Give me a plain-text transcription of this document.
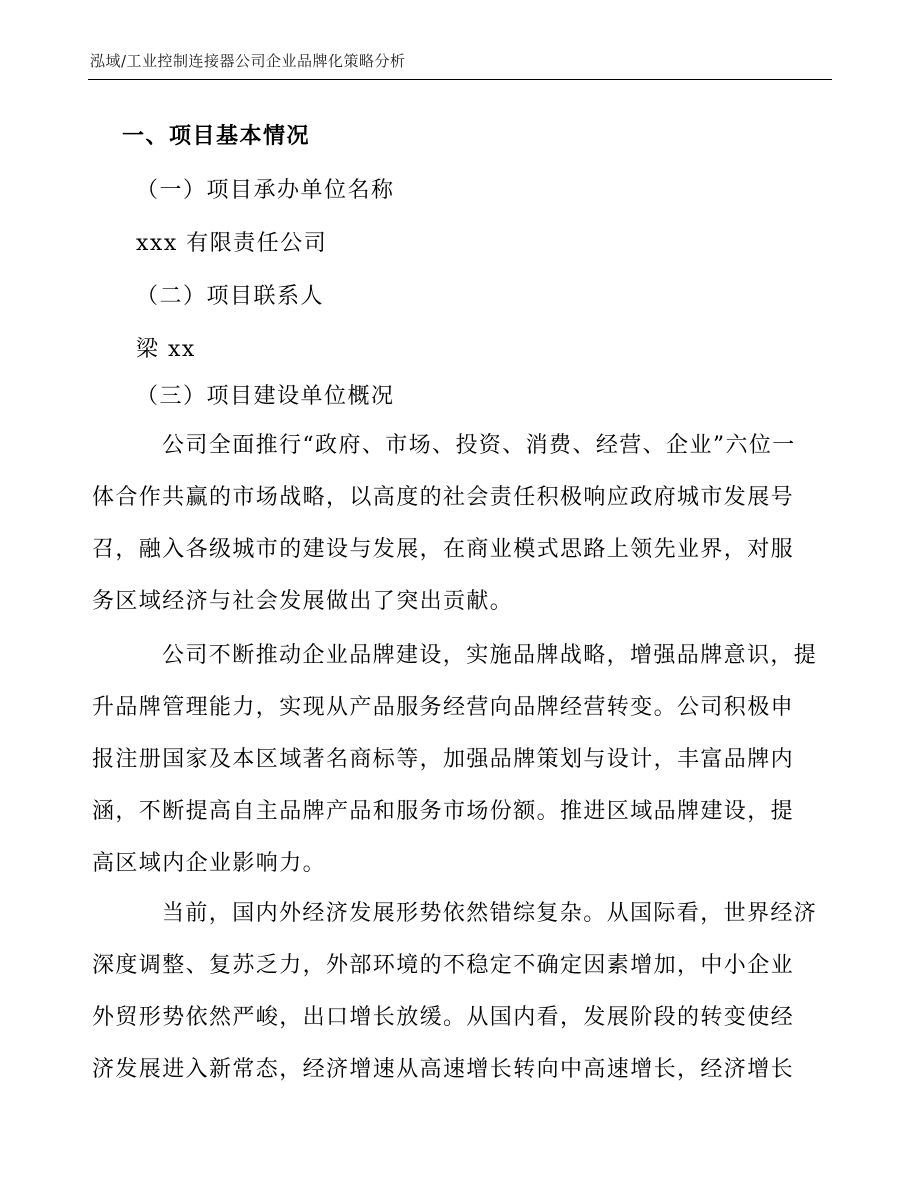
泓域/工业控制连接器公司企业品牌化策略分析
一、项目基本情况
（一）项目承办单位名称
xxx 有限责任公司
（二）项目联系人
梁 xx
（三）项目建设单位概况
公司全面推行“政府、市场、投资、消费、经营、企业”六位一
体合作共赢的市场战略，以高度的社会责任积极响应政府城市发展号
召，融入各级城市的建设与发展，在商业模式思路上领先业界，对服
务区域经济与社会发展做出了突出贡献。
公司不断推动企业品牌建设，实施品牌战略，增强品牌意识，提
升品牌管理能力，实现从产品服务经营向品牌经营转变。公司积极申
报注册国家及本区域著名商标等，加强品牌策划与设计，丰富品牌内
涵，不断提高自主品牌产品和服务市场份额。推进区域品牌建设，提
高区域内企业影响力。
当前，国内外经济发展形势依然错综复杂。从国际看，世界经济
深度调整、复苏乏力，外部环境的不稳定不确定因素增加，中小企业
外贸形势依然严峻，出口增长放缓。从国内看，发展阶段的转变使经
济发展进入新常态，经济增速从高速增长转向中高速增长，经济增长
